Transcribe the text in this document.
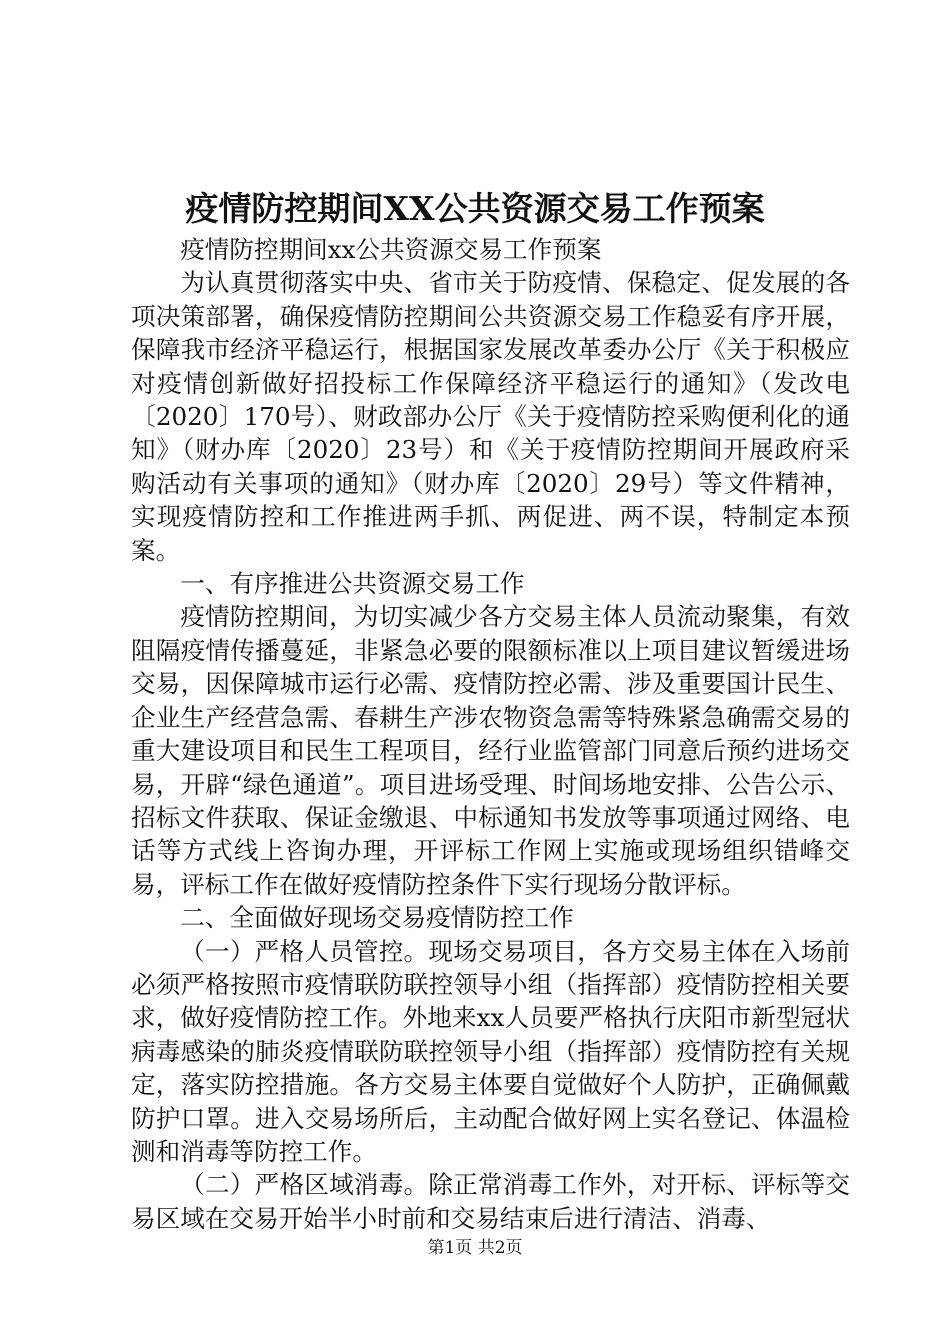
疫情防控期间XX公共资源交易工作预案

疫情防控期间xx公共资源交易工作预案

为认真贯彻落实中央、省市关于防疫情、保稳定、促发展的各项决策部署，确保疫情防控期间公共资源交易工作稳妥有序开展，保障我市经济平稳运行，根据国家发展改革委办公厅《关于积极应对疫情创新做好招投标工作保障经济平稳运行的通知》（发改电〔2020〕170号）、财政部办公厅《关于疫情防控采购便利化的通知》（财办库〔2020〕23号）和《关于疫情防控期间开展政府采购活动有关事项的通知》（财办库〔2020〕29号）等文件精神，实现疫情防控和工作推进两手抓、两促进、两不误，特制定本预案。

一、有序推进公共资源交易工作

疫情防控期间，为切实减少各方交易主体人员流动聚集，有效阻隔疫情传播蔓延，非紧急必要的限额标准以上项目建议暂缓进场交易，因保障城市运行必需、疫情防控必需、涉及重要国计民生、企业生产经营急需、春耕生产涉农物资急需等特殊紧急确需交易的重大建设项目和民生工程项目，经行业监管部门同意后预约进场交易，开辟“绿色通道”。项目进场受理、时间场地安排、公告公示、招标文件获取、保证金缴退、中标通知书发放等事项通过网络、电话等方式线上咨询办理，开评标工作网上实施或现场组织错峰交易，评标工作在做好疫情防控条件下实行现场分散评标。

二、全面做好现场交易疫情防控工作

（一）严格人员管控。现场交易项目，各方交易主体在入场前必须严格按照市疫情联防联控领导小组（指挥部）疫情防控相关要求，做好疫情防控工作。外地来xx人员要严格执行庆阳市新型冠状病毒感染的肺炎疫情联防联控领导小组（指挥部）疫情防控有关规定，落实防控措施。各方交易主体要自觉做好个人防护，正确佩戴防护口罩。进入交易场所后，主动配合做好网上实名登记、体温检测和消毒等防控工作。

（二）严格区域消毒。除正常消毒工作外，对开标、评标等交易区域在交易开始半小时前和交易结束后进行清洁、消毒、

第1页 共2页
